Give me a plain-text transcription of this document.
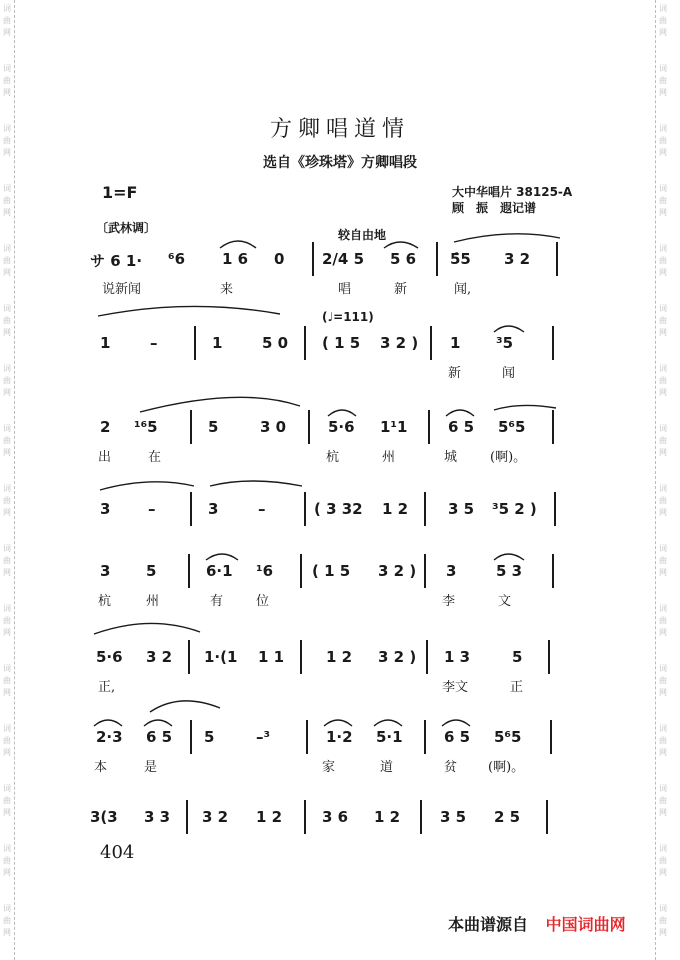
词
曲
网
词
曲
网
词
曲
网
词
曲
网
词
曲
网
词
曲
网
词
曲
网
词
曲
网
词
曲
网
词
曲
网
词
曲
网
词
曲
网
词
曲
网
词
曲
网
词
曲
网
词
曲
网
词
曲
网
词
曲
网
词
曲
网
词
曲
网
词
曲
网
词
曲
网
词
曲
网
词
曲
网
词
曲
网
词
曲
网
词
曲
网
词
曲
网
词
曲
网
词
曲
网
词
曲
网
词
曲
网
方卿唱道情
选自《珍珠塔》方卿唱段
1=F	大中华唱片 38125-A
顾　振　遐记谱
〔武林调〕	较自由地
(♩=111)
サ 6 1· ⁶6 1 6 0	2/4 5 5 6 5̇5 3 2
说新闻	来	唱	新	闻,
1	–	1	5 0 ( 1 5 3 2 ) 1 ³5
新	闻
2 ¹⁶5	5	3 0	5·6 1¹1	6 5 5⁶5
出	在	杭	州	城	(啊)。
3	–	3	–	( 3 32 1 2	3 5 ³5 2 )
3 5	6·1 ¹6	( 1 5 3 2 ) 3	5 3
杭	州	有	位	李	文
5·6 3 2 1·(1 1 1	1 2 3 2 ) 1 3	5
正,	李文	正
2·3 6 5 5	–³	1·2 5·1	6 5 5⁶5
本	是	家	道	贫 (啊)。
3(3 3 3 3 2 1 2	3 6 1 2	3 5 2 5
404
本曲谱源自 中国词曲网
